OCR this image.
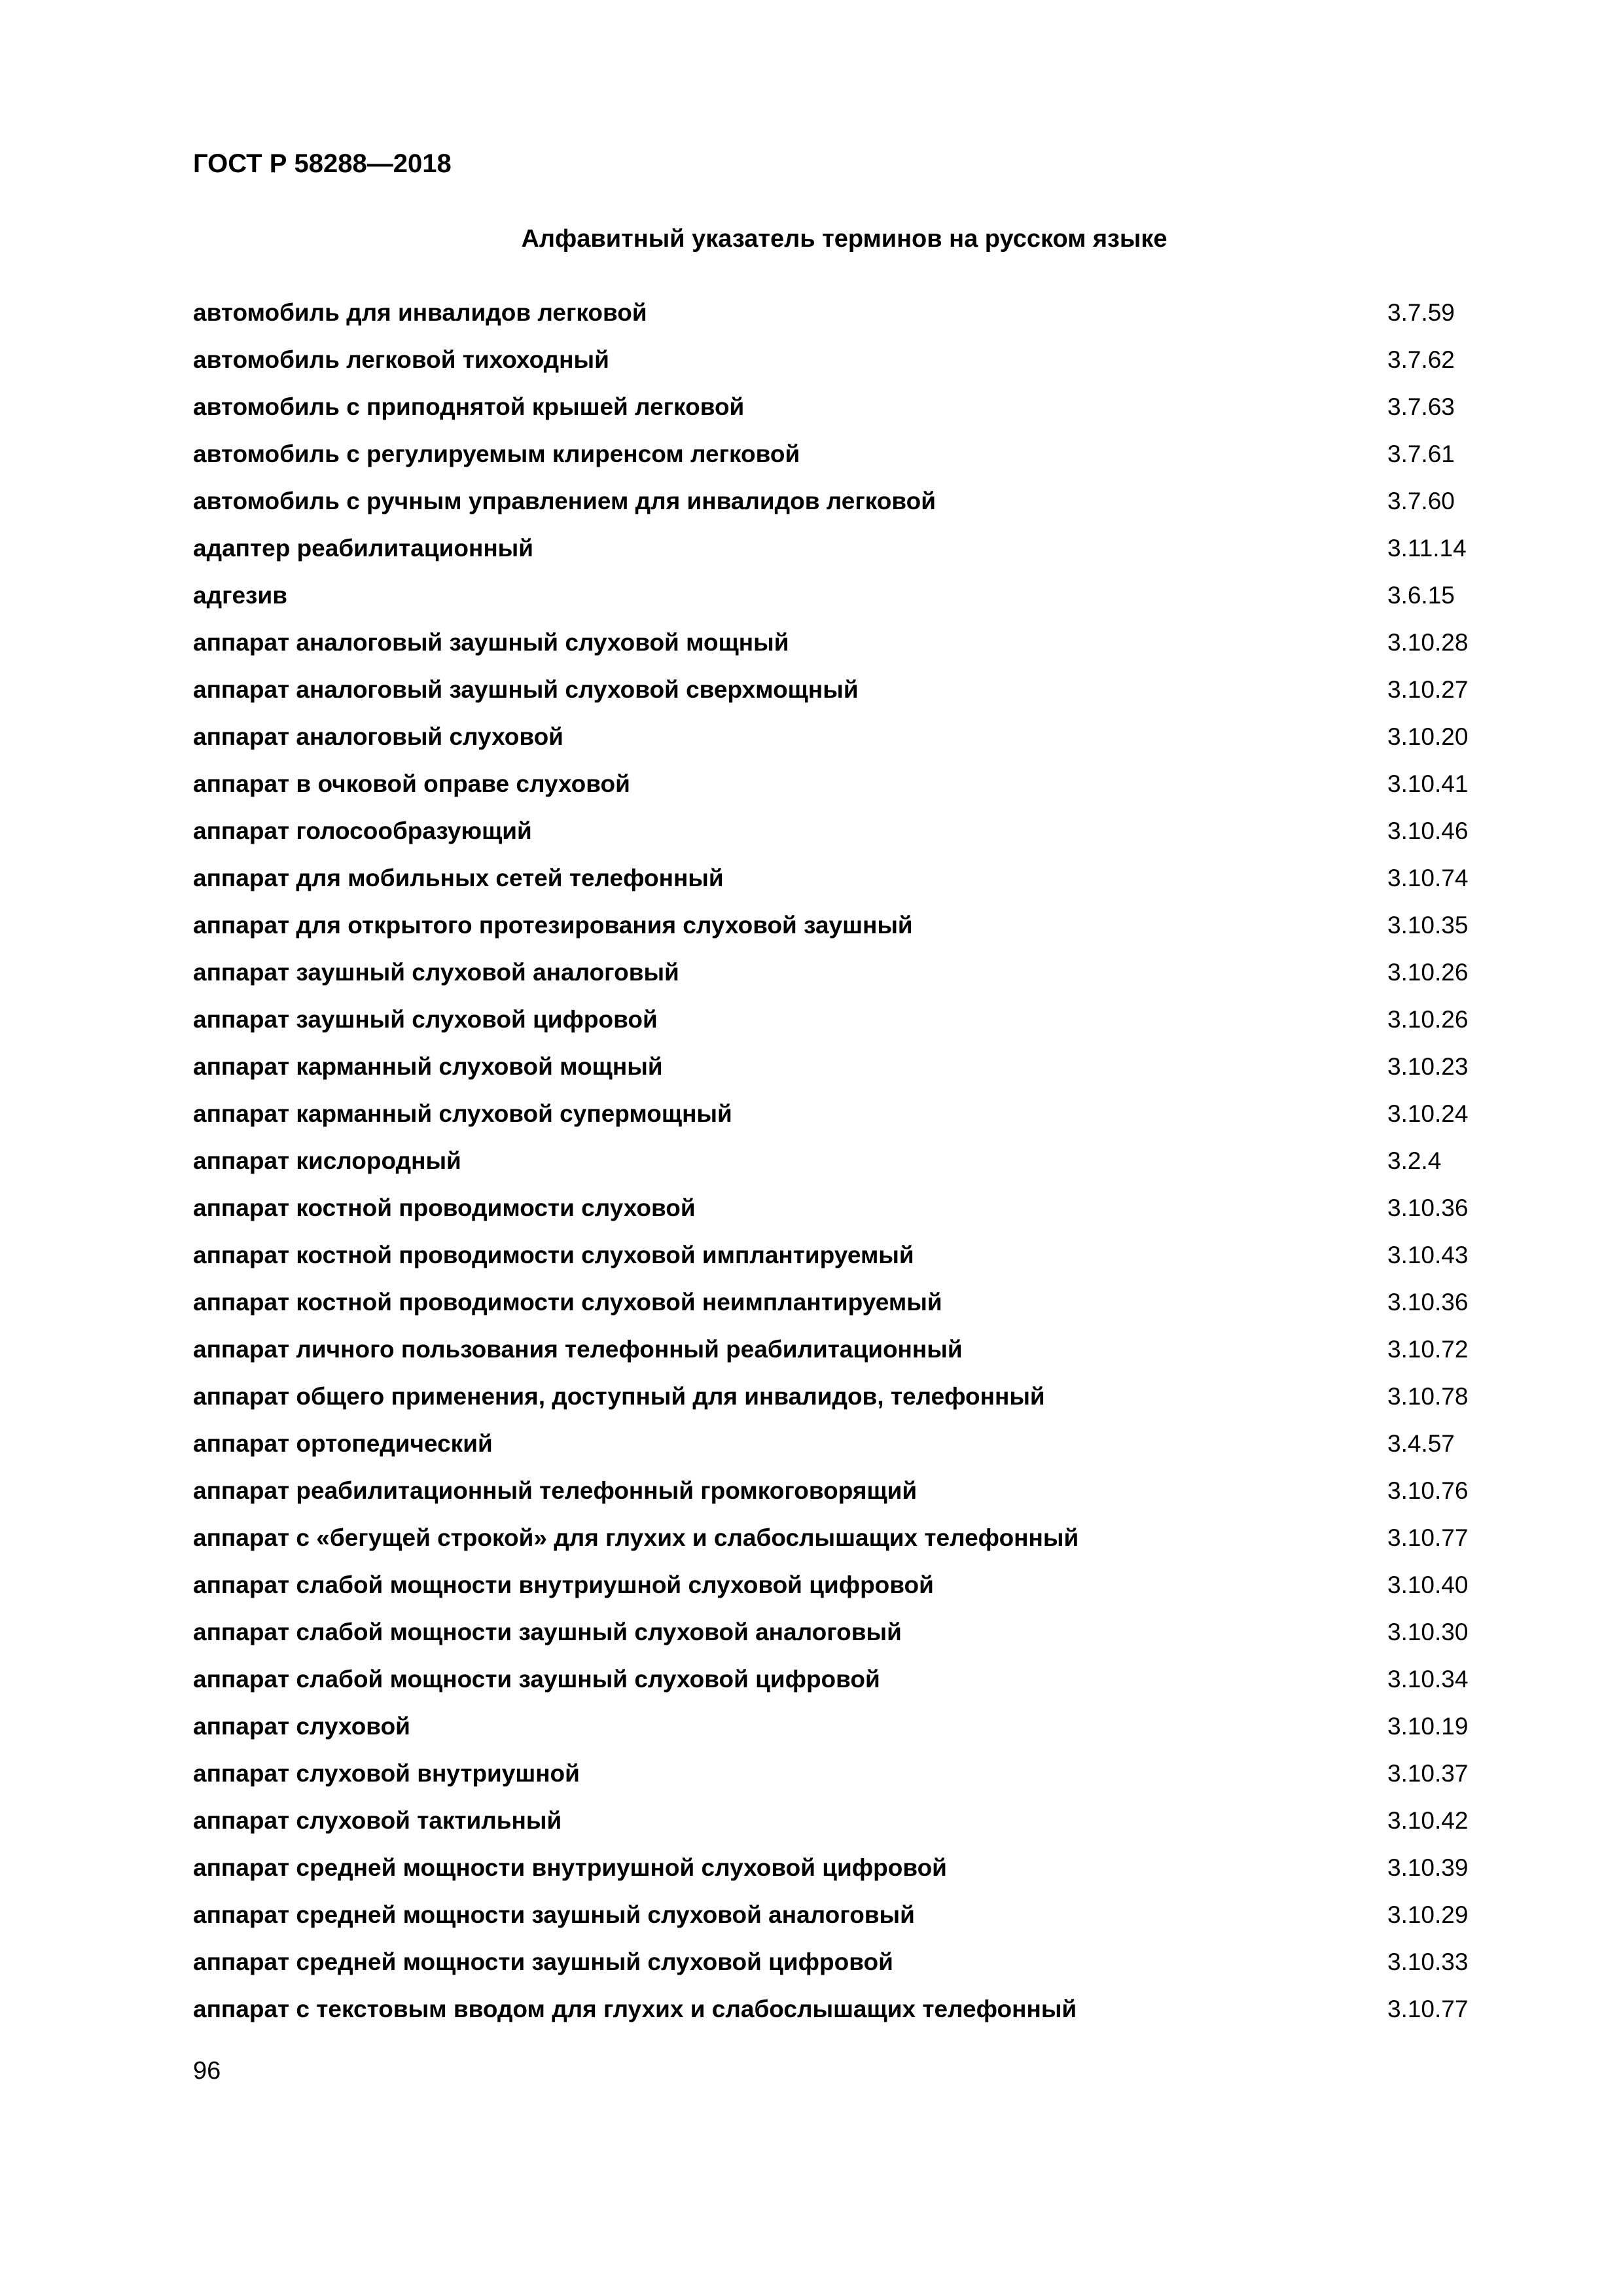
ГОСТ Р 58288—2018
Алфавитный указатель терминов на русском языке
автомобиль для инвалидов легковой	3.7.59
автомобиль легковой тихоходный	3.7.62
автомобиль с приподнятой крышей легковой	3.7.63
автомобиль с регулируемым клиренсом легковой	3.7.61
автомобиль с ручным управлением для инвалидов легковой	3.7.60
адаптер реабилитационный	3.11.14
адгезив	3.6.15
аппарат аналоговый заушный слуховой мощный	3.10.28
аппарат аналоговый заушный слуховой сверхмощный	3.10.27
аппарат аналоговый слуховой	3.10.20
аппарат в очковой оправе слуховой	3.10.41
аппарат голосообразующий	3.10.46
аппарат для мобильных сетей телефонный	3.10.74
аппарат для открытого протезирования слуховой заушный	3.10.35
аппарат заушный слуховой аналоговый	3.10.26
аппарат заушный слуховой цифровой	3.10.26
аппарат карманный слуховой мощный	3.10.23
аппарат карманный слуховой супермощный	3.10.24
аппарат кислородный	3.2.4
аппарат костной проводимости слуховой	3.10.36
аппарат костной проводимости слуховой имплантируемый	3.10.43
аппарат костной проводимости слуховой неимплантируемый	3.10.36
аппарат личного пользования телефонный реабилитационный	3.10.72
аппарат общего применения, доступный для инвалидов, телефонный	3.10.78
аппарат ортопедический	3.4.57
аппарат реабилитационный телефонный громкоговорящий	3.10.76
аппарат с «бегущей строкой» для глухих и слабослышащих телефонный	3.10.77
аппарат слабой мощности внутриушной слуховой цифровой	3.10.40
аппарат слабой мощности заушный слуховой аналоговый	3.10.30
аппарат слабой мощности заушный слуховой цифровой	3.10.34
аппарат слуховой	3.10.19
аппарат слуховой внутриушной	3.10.37
аппарат слуховой тактильный	3.10.42
аппарат средней мощности внутриушной слуховой цифровой	3.10.39
аппарат средней мощности заушный слуховой аналоговый	3.10.29
аппарат средней мощности заушный слуховой цифровой	3.10.33
аппарат с текстовым вводом для глухих и слабослышащих телефонный	3.10.77
96
